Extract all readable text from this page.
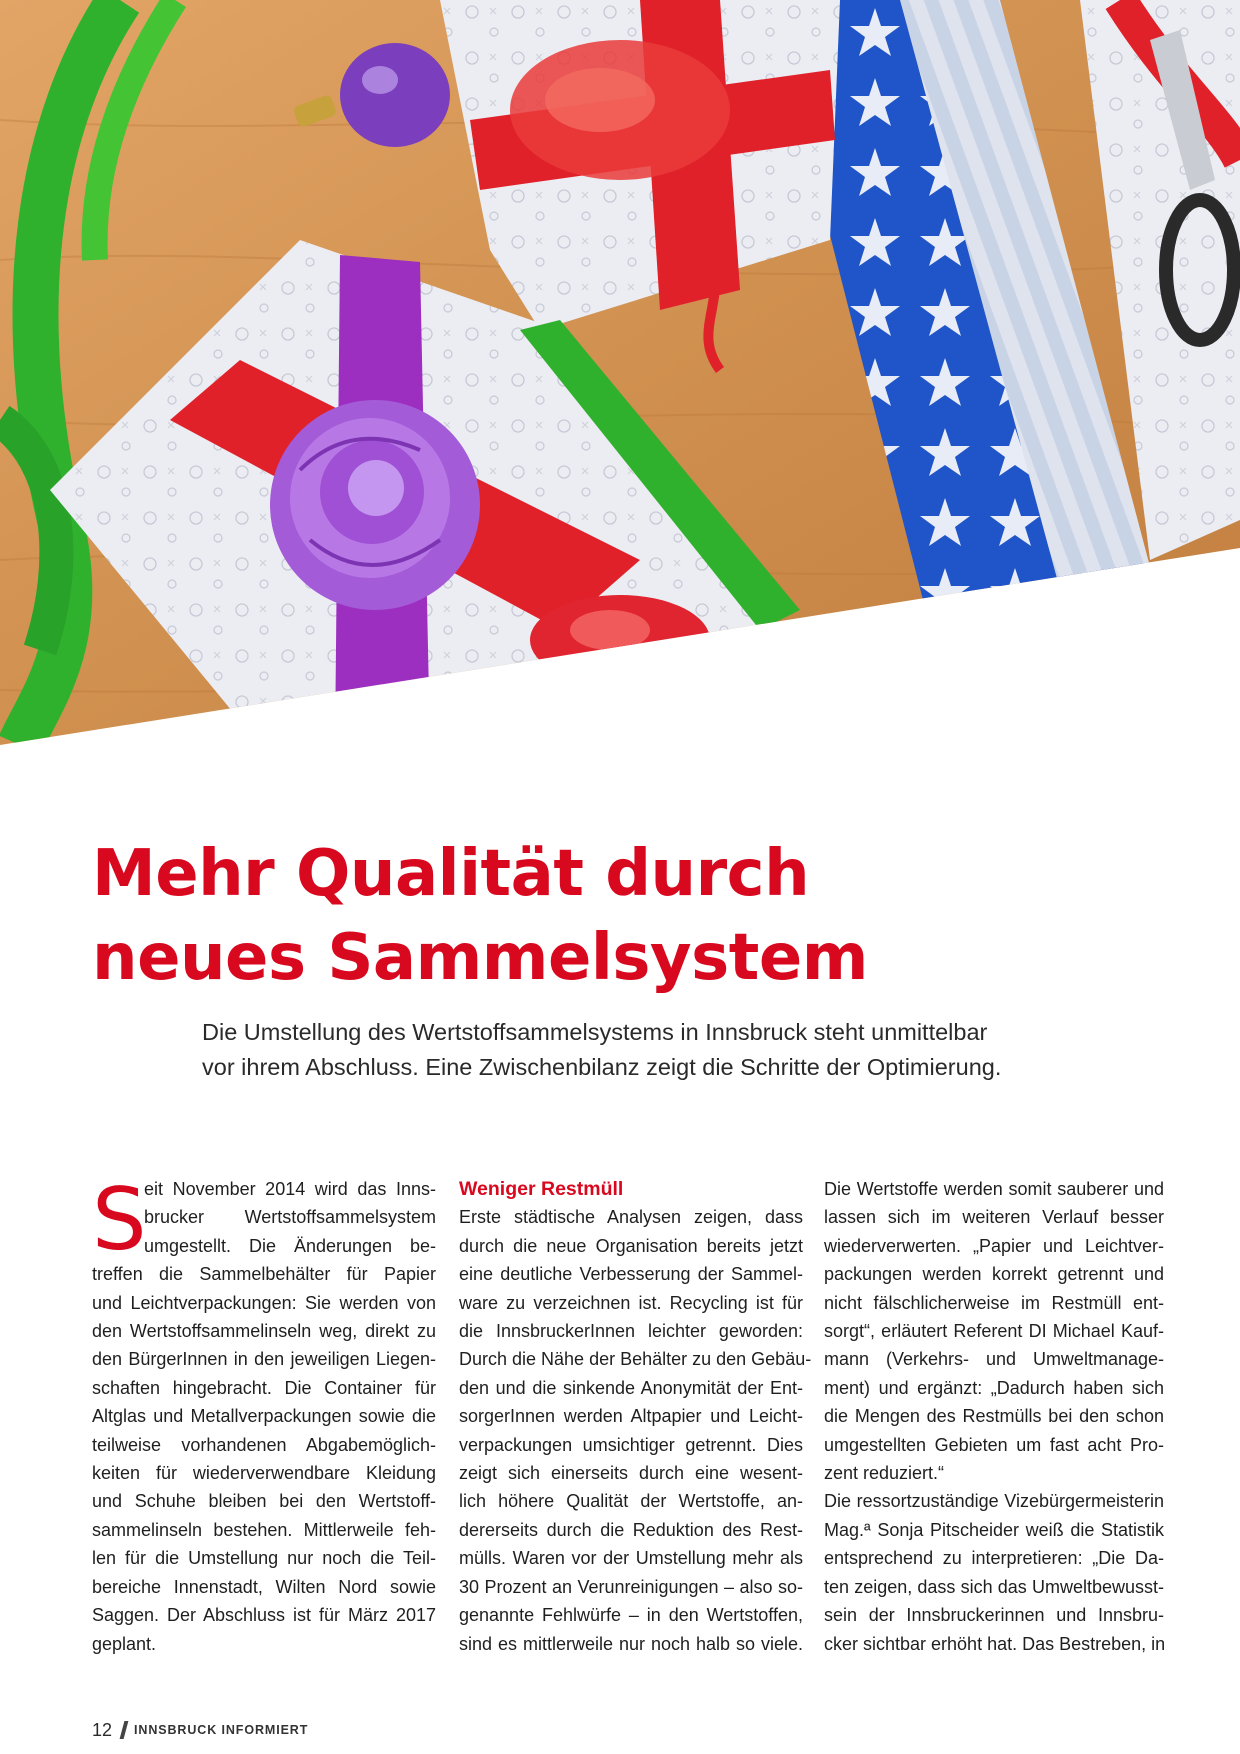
Mehr Qualität durch
neues Sammelsystem

Die Umstellung des Wertstoffsammelsystems in Innsbruck steht unmittelbar
vor ihrem Abschluss. Eine Zwischenbilanz zeigt die Schritte der Optimierung.

S
eit November 2014 wird das Inns-
brucker Wertstoffsammelsystem
umgestellt. Die Änderungen be-
treffen die Sammelbehälter für Papier
und Leichtverpackungen: Sie werden von
den Wertstoffsammelinseln weg, direkt zu
den BürgerInnen in den jeweiligen Liegen-
schaften hingebracht. Die Container für
Altglas und Metallverpackungen sowie die
teilweise vorhandenen Abgabemöglich-
keiten für wiederverwendbare Kleidung
und Schuhe bleiben bei den Wertstoff-
sammelinseln bestehen. Mittlerweile feh-
len für die Umstellung nur noch die Teil-
bereiche Innenstadt, Wilten Nord sowie
Saggen. Der Abschluss ist für März 2017
geplant.
Weniger Restmüll
Erste städtische Analysen zeigen, dass
durch die neue Organisation bereits jetzt
eine deutliche Verbesserung der Sammel-
ware zu verzeichnen ist. Recycling ist für
die InnsbruckerInnen leichter geworden:
Durch die Nähe der Behälter zu den Gebäu-
den und die sinkende Anonymität der Ent-
sorgerInnen werden Altpapier und Leicht-
verpackungen umsichtiger getrennt. Dies
zeigt sich einerseits durch eine wesent-
lich höhere Qualität der Wertstoffe, an-
dererseits durch die Reduktion des Rest-
mülls. Waren vor der Umstellung mehr als
30 Prozent an Verunreinigungen – also so-
genannte Fehlwürfe – in den Wertstoffen,
sind es mittlerweile nur noch halb so viele.
Die Wertstoffe werden somit sauberer und
lassen sich im weiteren Verlauf besser
wiederverwerten. „Papier und Leichtver-
packungen werden korrekt getrennt und
nicht fälschlicherweise im Restmüll ent-
sorgt“, erläutert Referent DI Michael Kauf-
mann (Verkehrs- und Umweltmanage-
ment) und ergänzt: „Dadurch haben sich
die Mengen des Restmülls bei den schon
umgestellten Gebieten um fast acht Pro-
zent reduziert.“
Die ressortzuständige Vizebürgermeisterin
Mag.ª Sonja Pitscheider weiß die Statistik
entsprechend zu interpretieren: „Die Da-
ten zeigen, dass sich das Umweltbewusst-
sein der Innsbruckerinnen und Innsbru-
cker sichtbar erhöht hat. Das Bestreben, in
12 INNSBRUCK INFORMIERT
